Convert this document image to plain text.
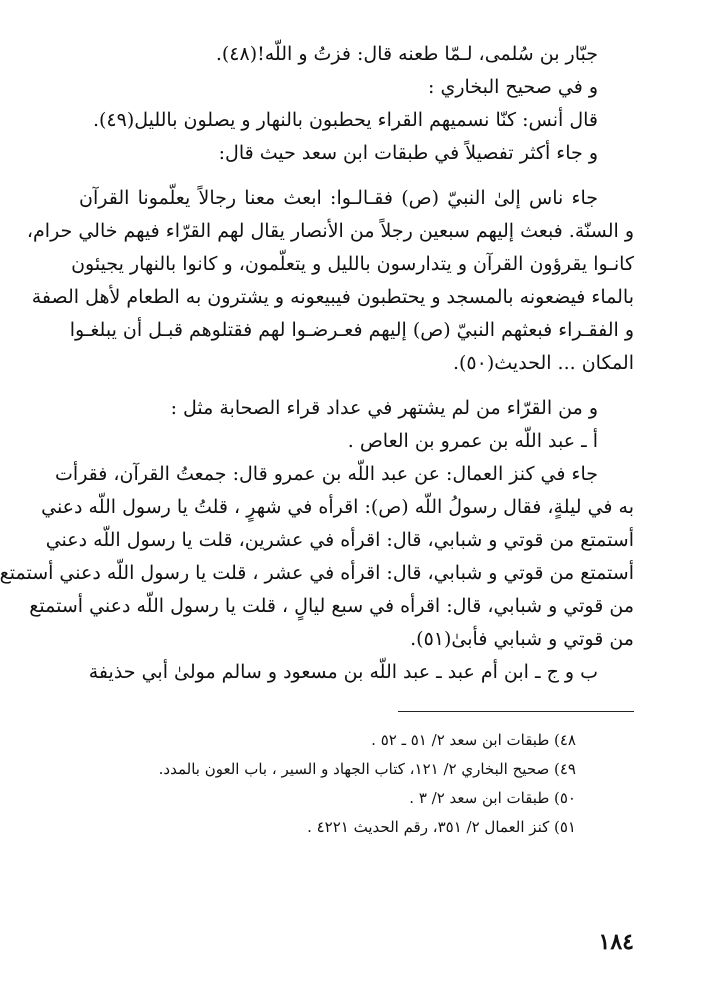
جبّار بن سُلمى، لـمّا طعنه قال: فزتُ و اللّه!(٤٨).
و في صحيح البخاري :
قال أنس: كنّا نسميهم القراء يحطبون بالنهار و يصلون بالليل(٤٩).
و جاء أكثر تفصيلاً في طبقات ابن سعد حيث قال:
جاء ناس إلىٰ النبيّ (ص) فقـالـوا: ابعث معنا رجالاً يعلّمونا القرآن
و السنّة. فبعث إليهم سبعين رجلاً من الأنصار يقال لهم القرّاء فيهم خالي حرام،
كانـوا يقرؤون القرآن و يتدارسون بالليل و يتعلّمون، و كانوا بالنهار يجيئون
بالماء فيضعونه بالمسجد و يحتطبون فيبيعونه و يشترون به الطعام لأهل الصفة
و الفقـراء فبعثهم النبيّ (ص) إليهم فعـرضـوا لهم فقتلوهم قبـل أن يبلغـوا
المكان ... الحديث(٥٠).
و من القرّاء من لم يشتهر في عداد قراء الصحابة مثل :
أ ـ عبد اللّه بن عمرو بن العاص .
جاء في كنز العمال: عن عبد اللّه بن عمرو قال: جمعتُ القرآن، فقرأت
به في ليلةٍ، فقال رسولُ اللّه (ص): اقرأه في شهرٍ ، قلتُ يا رسول اللّه دعني
أستمتع من قوتي و شبابي، قال: اقرأه في عشرين، قلت يا رسول اللّه دعني
أستمتع من قوتي و شبابي، قال: اقرأه في عشر ، قلت يا رسول اللّه دعني أستمتع
من قوتي و شبابي، قال: اقرأه في سبع ليالٍ ، قلت يا رسول اللّه دعني أستمتع
من قوتي و شبابي فأبىٰ(٥١).
ب و ج ـ ابن أم عبد ـ عبد اللّه بن مسعود و سالم مولىٰ أبي حذيفة
٤٨) طبقات ابن سعد ٢/ ٥١ ـ ٥٢ .
٤٩) صحيح البخاري ٢/ ١٢١، كتاب الجهاد و السير ، باب العون بالمدد.
٥٠) طبقات ابن سعد ٢/ ٣ .
٥١) كنز العمال ٢/ ٣٥١، رقم الحديث ٤٢٢١ .
١٨٤
